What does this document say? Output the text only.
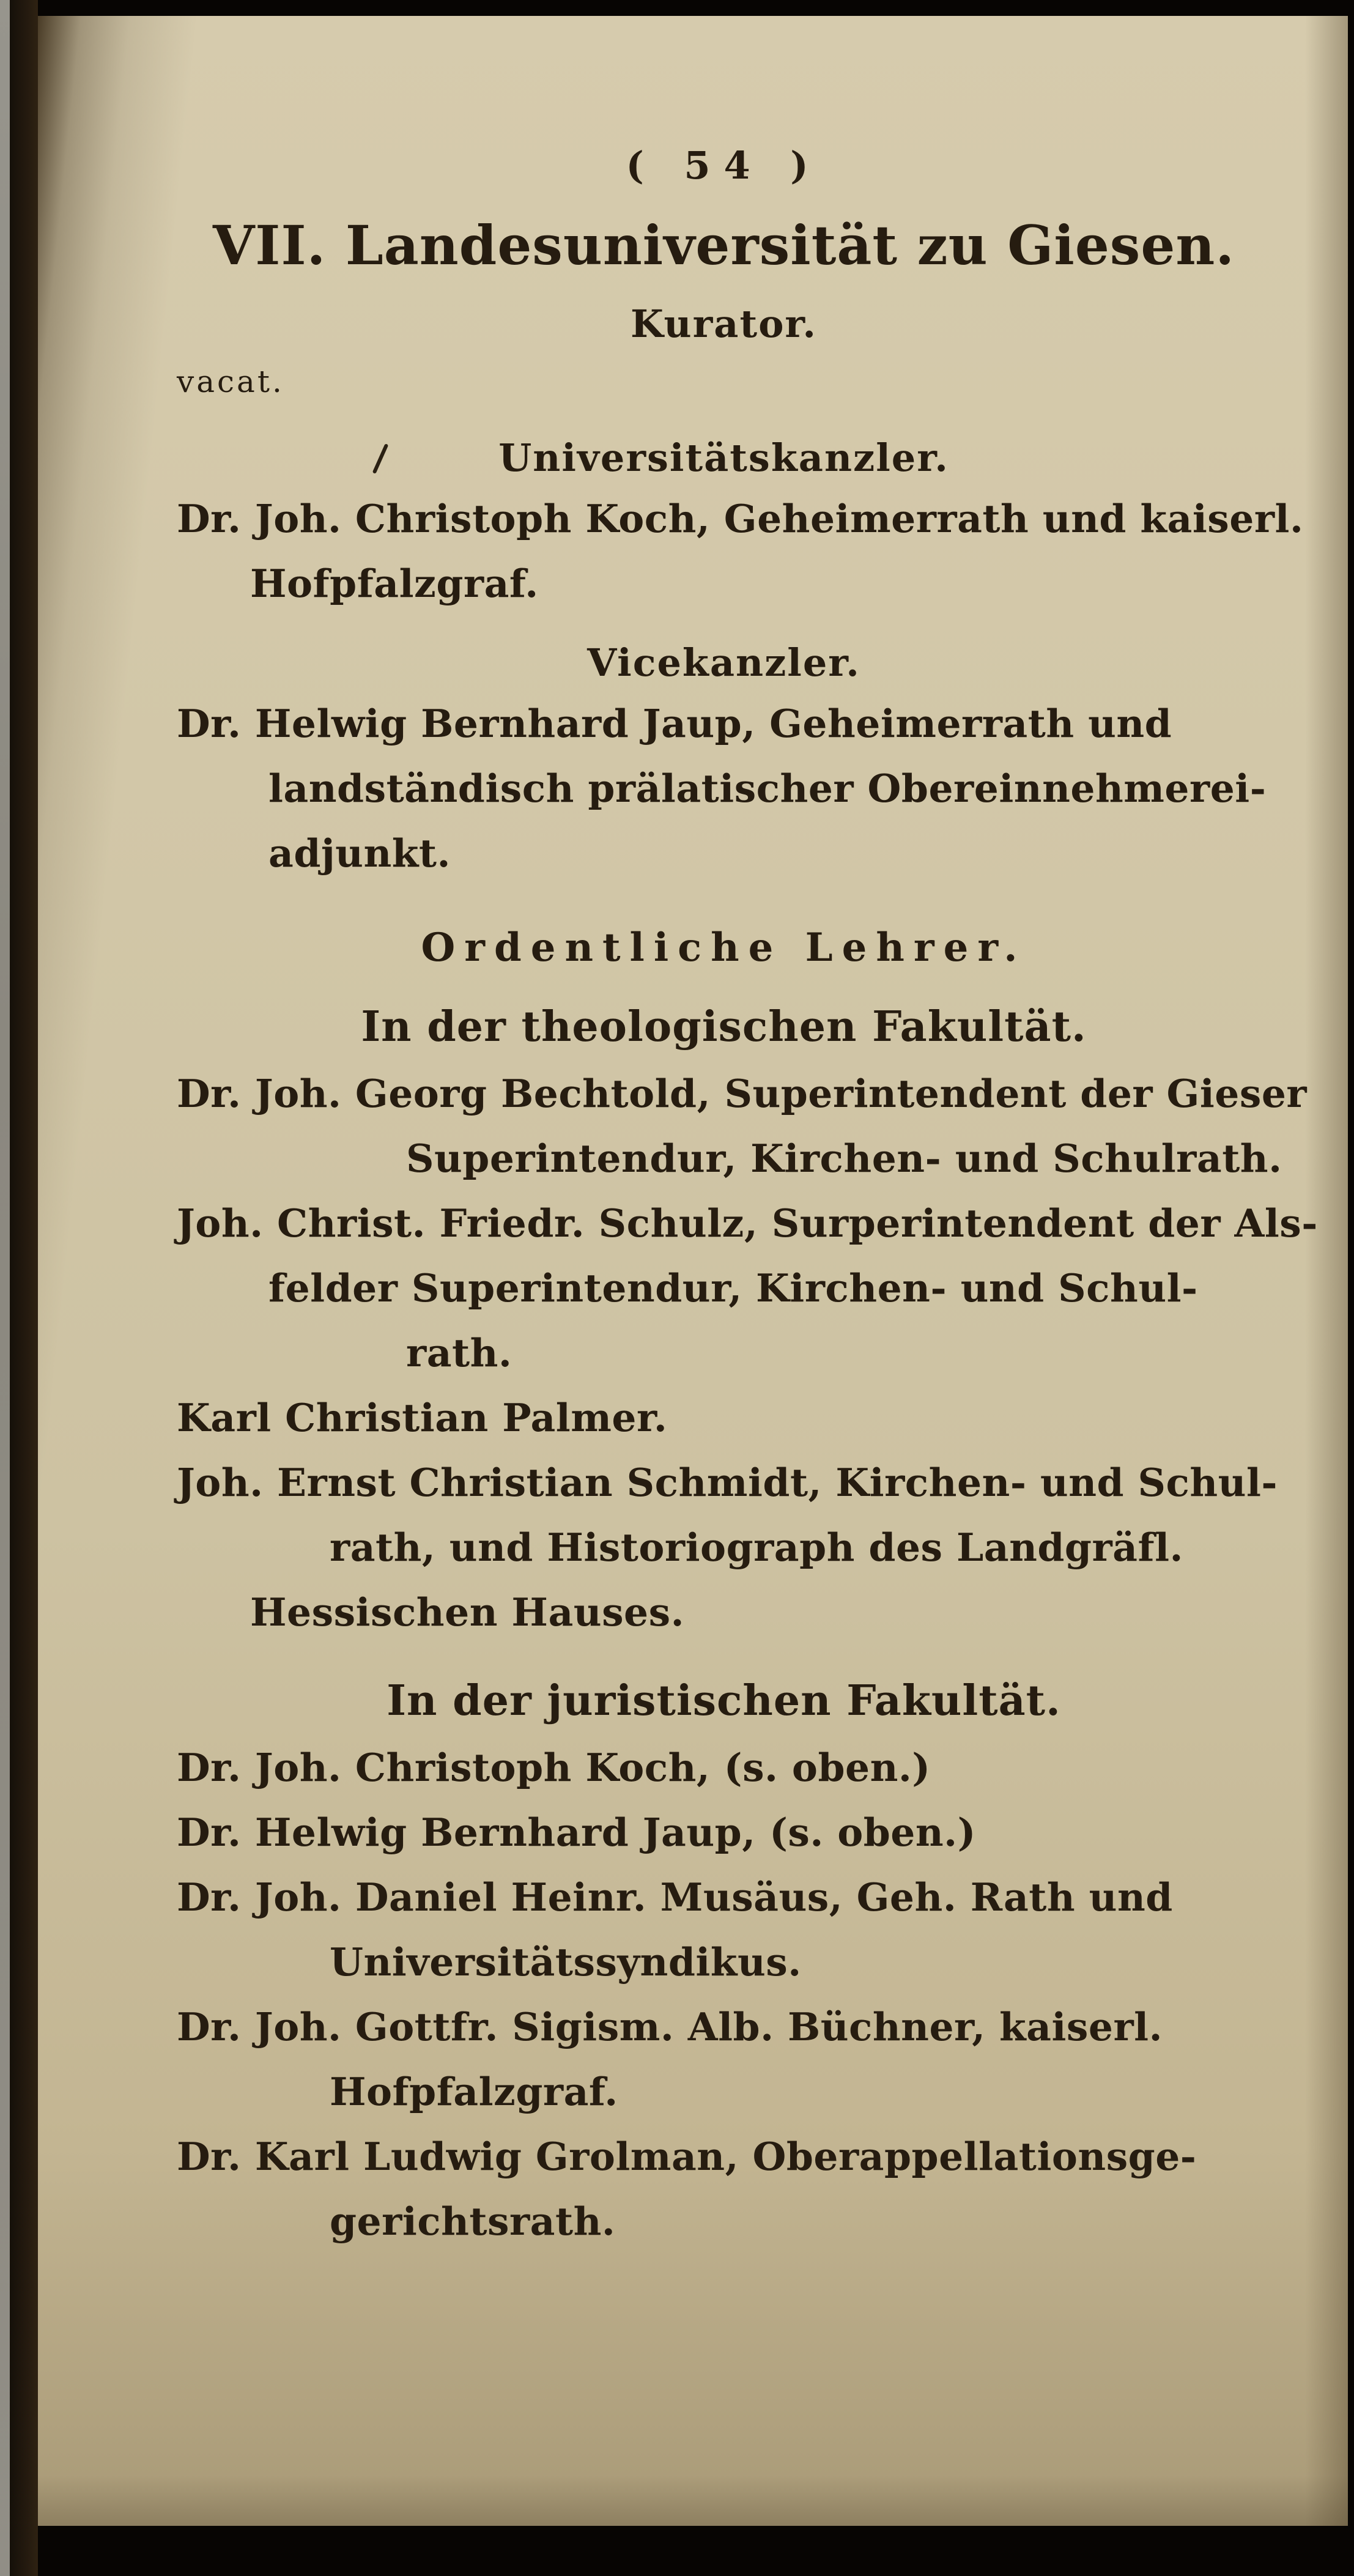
( 54 )
VII. Landesuniversität zu Giesen.
Kurator.
vacat.
Universitätskanzler.
Dr. Joh. Christoph Koch, Geheimerrath und kaiserl.
Hofpfalzgraf.
Vicekanzler.
Dr. Helwig Bernhard Jaup, Geheimerrath und
landständisch prälatischer Obereinnehmerei-
adjunkt.
Ordentliche Lehrer.
In der theologischen Fakultät.
Dr. Joh. Georg Bechtold, Superintendent der Gieser
Superintendur, Kirchen- und Schulrath.
Joh. Christ. Friedr. Schulz, Surperintendent der Als-
felder Superintendur, Kirchen- und Schul-
rath.
Karl Christian Palmer.
Joh. Ernst Christian Schmidt, Kirchen- und Schul-
rath, und Historiograph des Landgräfl.
Hessischen Hauses.
In der juristischen Fakultät.
Dr. Joh. Christoph Koch, (s. oben.)
Dr. Helwig Bernhard Jaup, (s. oben.)
Dr. Joh. Daniel Heinr. Musäus, Geh. Rath und
Universitätssyndikus.
Dr. Joh. Gottfr. Sigism. Alb. Büchner, kaiserl.
Hofpfalzgraf.
Dr. Karl Ludwig Grolman, Oberappellationsge-
gerichtsrath.
